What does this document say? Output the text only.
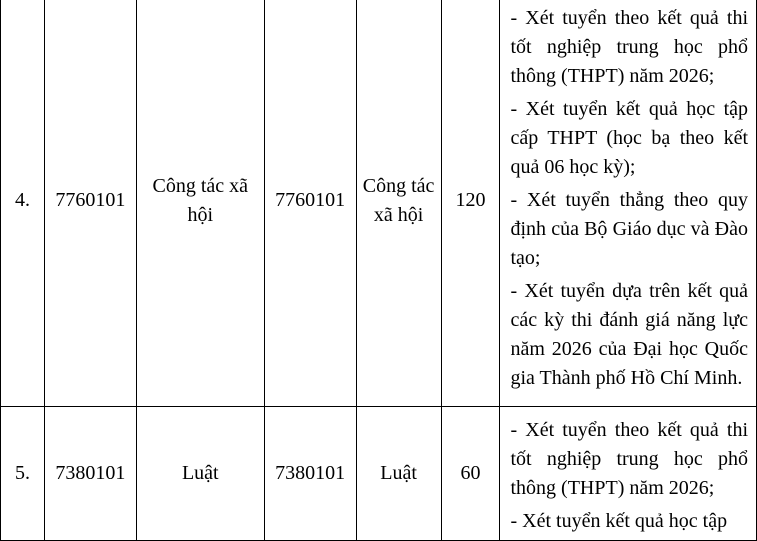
4.	7760101	Công tác xã hội	7760101	Công tác xã hội	120	- Xét tuyển theo kết quả thi tốt nghiệp trung học phổ thông (THPT) năm 2026;
- Xét tuyển kết quả học tập cấp THPT (học bạ theo kết quả 06 học kỳ);
- Xét tuyển thẳng theo quy định của Bộ Giáo dục và Đào tạo;
- Xét tuyển dựa trên kết quả các kỳ thi đánh giá năng lực năm 2026 của Đại học Quốc gia Thành phố Hồ Chí Minh.

5.	7380101	Luật	7380101	Luật	60	- Xét tuyển theo kết quả thi tốt nghiệp trung học phổ thông (THPT) năm 2026;
- Xét tuyển kết quả học tập
